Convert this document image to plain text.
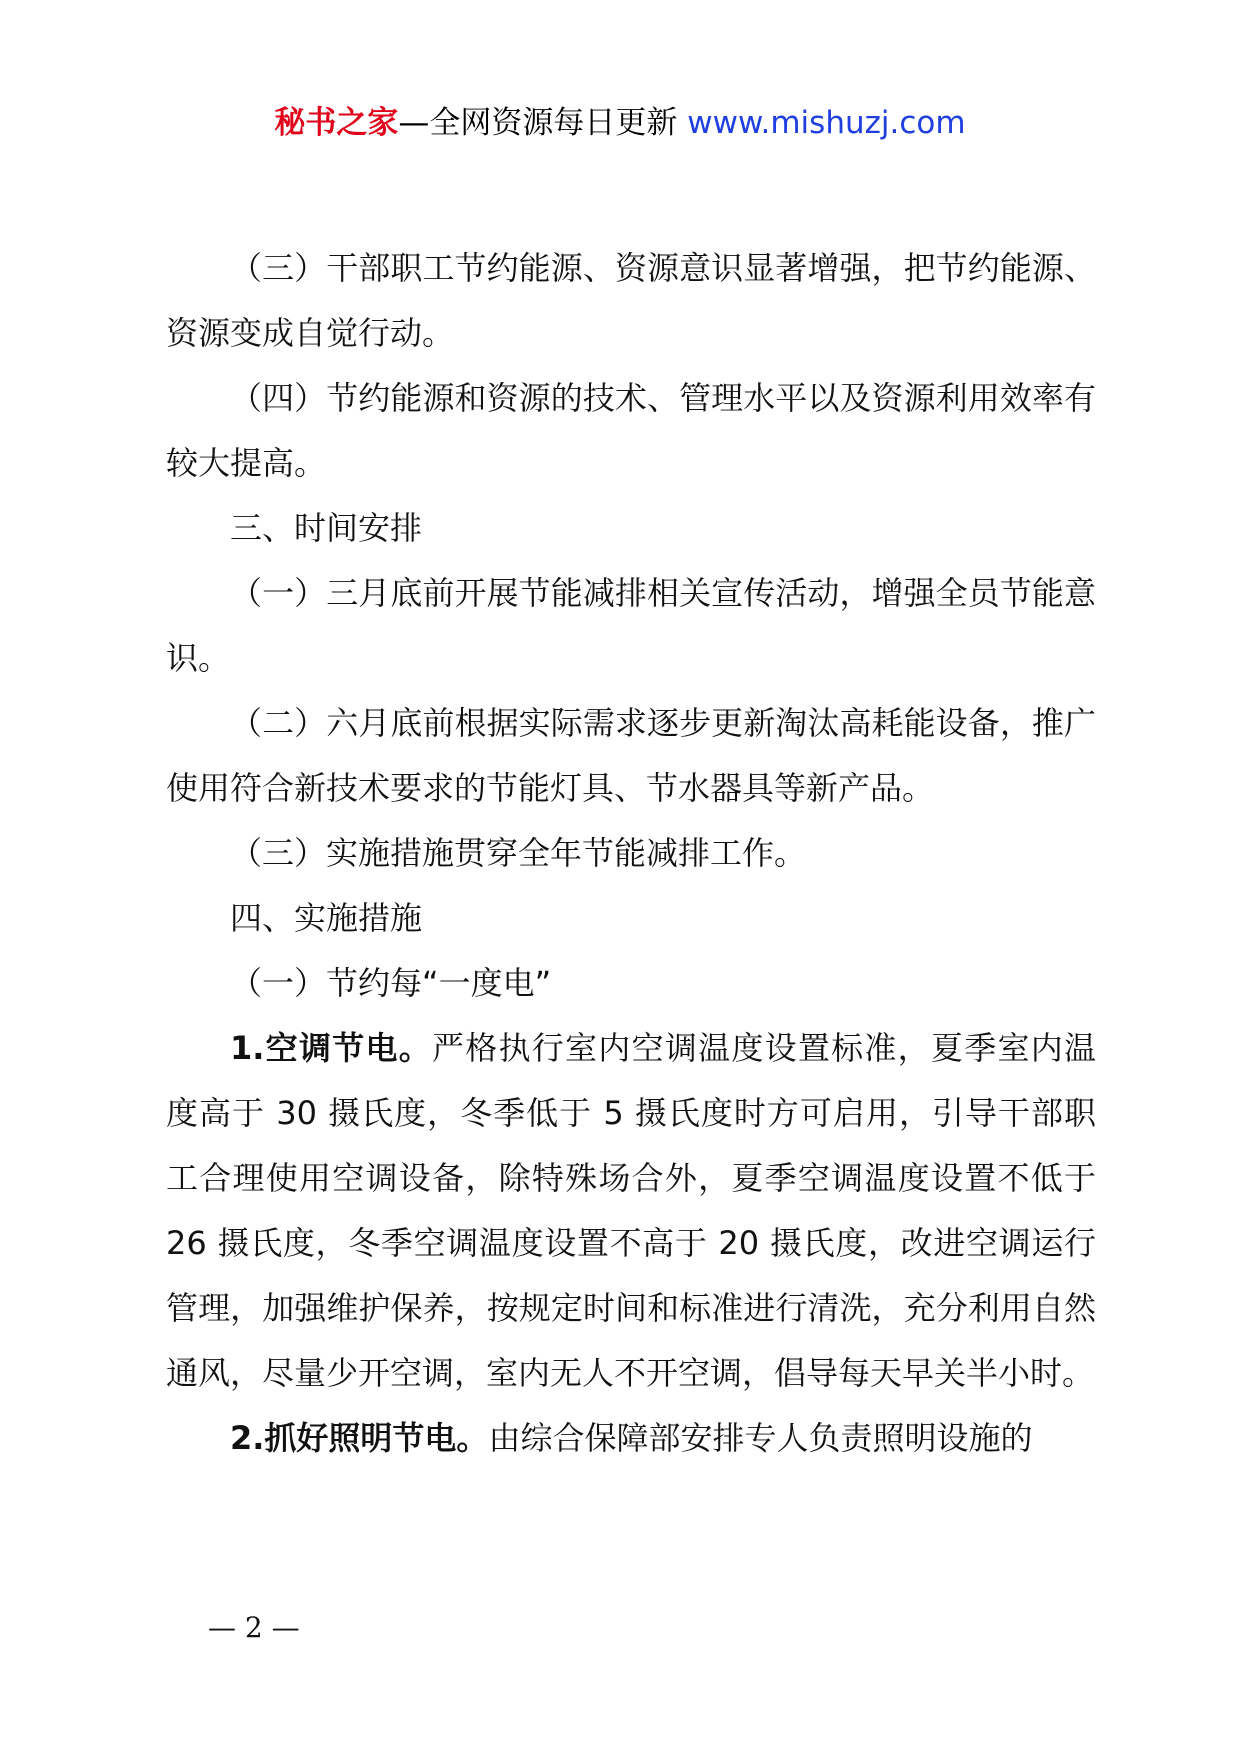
秘书之家—全网资源每日更新 www.mishuzj.com

（三）干部职工节约能源、资源意识显著增强，把节约能源、资源变成自觉行动。

（四）节约能源和资源的技术、管理水平以及资源利用效率有较大提高。

三、时间安排

（一）三月底前开展节能减排相关宣传活动，增强全员节能意识。

（二）六月底前根据实际需求逐步更新淘汰高耗能设备，推广使用符合新技术要求的节能灯具、节水器具等新产品。

（三）实施措施贯穿全年节能减排工作。

四、实施措施

（一）节约每“一度电”

1.空调节电。严格执行室内空调温度设置标准，夏季室内温度高于 30 摄氏度，冬季低于 5 摄氏度时方可启用，引导干部职工合理使用空调设备，除特殊场合外，夏季空调温度设置不低于 26 摄氏度，冬季空调温度设置不高于 20 摄氏度，改进空调运行管理，加强维护保养，按规定时间和标准进行清洗，充分利用自然通风，尽量少开空调，室内无人不开空调，倡导每天早关半小时。

2.抓好照明节电。由综合保障部安排专人负责照明设施的

— 2 —
